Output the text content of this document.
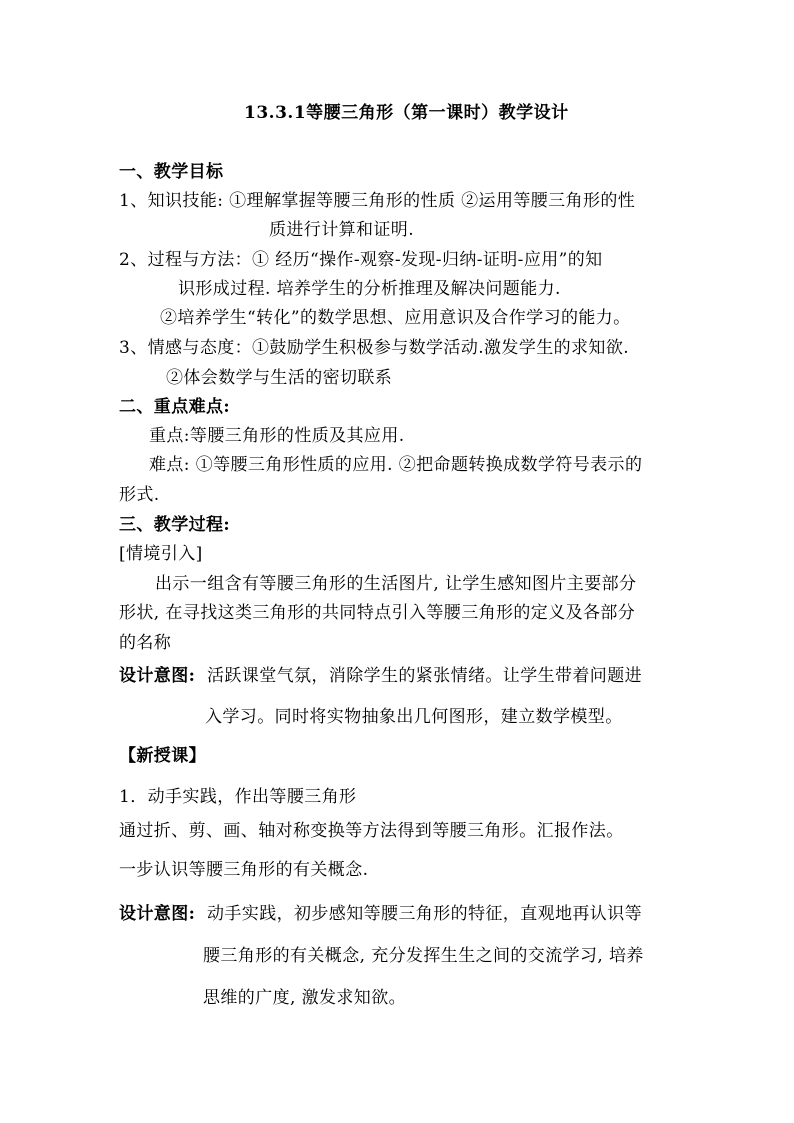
13.3.1等腰三角形（第一课时）教学设计
一、教学目标
1、知识技能: ①理解掌握等腰三角形的性质 ②运用等腰三角形的性
质进行计算和证明.
2、过程与方法：① 经历“操作-观察-发现-归纳-证明-应用”的知
识形成过程. 培养学生的分析推理及解决问题能力.
②培养学生“转化”的数学思想、应用意识及合作学习的能力。
3、情感与态度：①鼓励学生积极参与数学活动.激发学生的求知欲.
②体会数学与生活的密切联系
二、重点难点:
重点:等腰三角形的性质及其应用.
难点: ①等腰三角形性质的应用. ②把命题转换成数学符号表示的
形式.
三、教学过程:
[情境引入]
出示一组含有等腰三角形的生活图片, 让学生感知图片主要部分
形状, 在寻找这类三角形的共同特点引入等腰三角形的定义及各部分
的名称
设计意图: 活跃课堂气氛，消除学生的紧张情绪。让学生带着问题进
入学习。同时将实物抽象出几何图形，建立数学模型。
【新授课】
1．动手实践，作出等腰三角形
通过折、剪、画、轴对称变换等方法得到等腰三角形。汇报作法。
一步认识等腰三角形的有关概念.
设计意图: 动手实践，初步感知等腰三角形的特征，直观地再认识等
腰三角形的有关概念, 充分发挥生生之间的交流学习, 培养
思维的广度, 激发求知欲。
